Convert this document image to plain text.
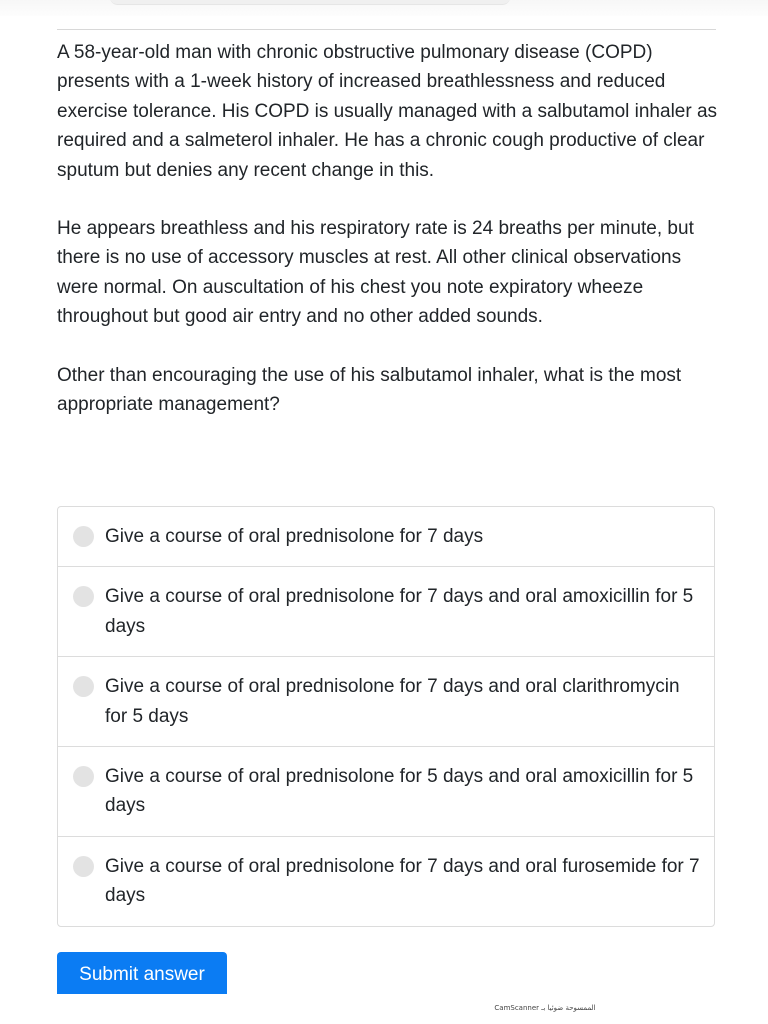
A 58-year-old man with chronic obstructive pulmonary disease (COPD) presents with a 1-week history of increased breathlessness and reduced exercise tolerance. His COPD is usually managed with a salbutamol inhaler as required and a salmeterol inhaler. He has a chronic cough productive of clear sputum but denies any recent change in this.

He appears breathless and his respiratory rate is 24 breaths per minute, but there is no use of accessory muscles at rest. All other clinical observations were normal. On auscultation of his chest you note expiratory wheeze throughout but good air entry and no other added sounds.

Other than encouraging the use of his salbutamol inhaler, what is the most appropriate management?

Give a course of oral prednisolone for 7 days
Give a course of oral prednisolone for 7 days and oral amoxicillin for 5 days
Give a course of oral prednisolone for 7 days and oral clarithromycin for 5 days
Give a course of oral prednisolone for 5 days and oral amoxicillin for 5 days
Give a course of oral prednisolone for 7 days and oral furosemide for 7 days
Submit answer
CamScanner الممسوحة ضوئيا بـ
